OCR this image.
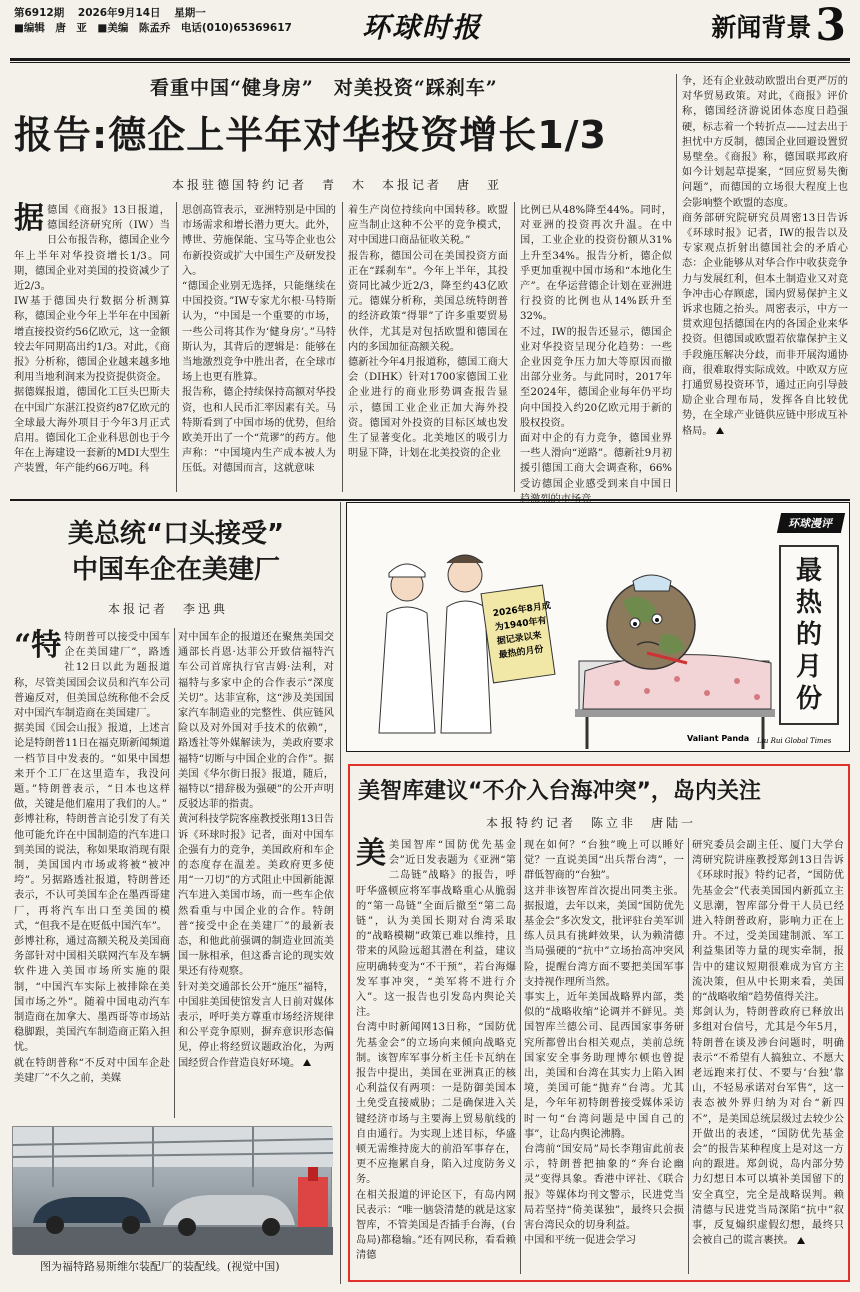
第6912期 2026年9月14日 星期一
■编辑　唐　亚　■美编　陈孟乔　电话(010)65369617	环球时报	新闻背景 3
看重中国“健身房”　对美投资“踩刹车”
报告:德企上半年对华投资增长1/3
本报驻德国特约记者　青　木　本报记者　唐　亚
据德国《商报》13日报道，德国经济研究所（IW）当日公布报告称，德国企业今年上半年对华投资增长1/3。同期，德国企业对美国的投资减少了近2/3。
IW基于德国央行数据分析测算称，德国企业今年上半年在中国新增直接投资约56亿欧元，这一金额较去年同期高出约1/3。对此，《商报》分析称，德国企业越来越多地利用当地利润来为投资提供资金。
据德媒报道，德国化工巨头巴斯夫在中国广东湛江投资约87亿欧元的全球最大海外项目于今年3月正式启用。德国化工企业科思创也于今年在上海建设一套新的MDI大型生产装置，年产能约66万吨。科
思创高管表示，亚洲特别是中国的市场需求和增长潜力更大。此外，博世、劳施保能、宝马等企业也公布新投资或扩大中国生产及研发投入。
“德国企业别无选择，只能继续在中国投资。”IW专家尤尔根·马特斯认为，“中国是一个重要的市场，一些公司将其作为‘健身房’。”马特斯认为，其背后的逻辑是：能够在当地激烈竞争中胜出者，在全球市场上也更有胜算。
报告称，德企持续保持高额对华投资，也和人民币汇率因素有关。马特斯看到了中国市场的优势，但给欧美开出了一个“荒谬”的药方。他声称：“中国境内生产成本被人为压低。对德国而言，这就意味
着生产岗位持续向中国转移。欧盟应当制止这种不公平的竞争模式，对中国进口商品征收关税。”
报告称，德国公司在美国投资方面正在“踩刹车”。今年上半年，其投资同比减少近2/3，降至约43亿欧元。德媒分析称，美国总统特朗普的经济政策“得罪”了许多重要贸易伙伴，尤其是对包括欧盟和德国在内的多国加征高额关税。
德新社今年4月报道称，德国工商大会（DIHK）针对1700家德国工业企业进行的商业形势调查报告显示，德国工业企业正加大海外投资。德国对外投资的目标区域也发生了显著变化。北美地区的吸引力明显下降，计划在北美投资的企业
比例已从48%降至44%。同时，对亚洲的投资再次升温。在中国，工业企业的投资份额从31%上升至34%。报告分析，德企似乎更加重视中国市场和“本地化生产”。在华运营德企计划在亚洲进行投资的比例也从14%跃升至32%。
不过，IW的报告还显示，德国企业对华投资呈现分化趋势：一些企业因竞争压力加大等原因而撤出部分业务。与此同时，2017年至2024年，德国企业每年仍平均向中国投入约20亿欧元用于新的股权投资。
面对中企的有力竞争，德国业界一些人滑向“逆路”。德新社9月初援引德国工商大会调查称，66%受访德国企业感受到来自中国日
争，还有企业鼓动欧盟出台更严厉的对华贸易政策。对此，《商报》评价称，德国经济游说团体态度日趋强硬，标志着一个转折点——过去出于担忧中方反制，德国企业回避设置贸易壁垒。《商报》称，德国联邦政府如今计划起草提案，“回应贸易失衡问题”，而德国的立场很大程度上也会影响整个欧盟的态度。
商务部研究院研究员周密13日告诉《环球时报》记者，IW的报告以及专家观点折射出德国社会的矛盾心态：企业能够从对华合作中收获竞争力与发展红利，但本土制造业又对竞争冲击心存顾虑，国内贸易保护主义诉求也随之抬头。周密表示，中方一贯欢迎包括德国在内的各国企业来华投资。但德国或欧盟若依靠保护主义手段施压解决分歧，而非开展沟通协商，很难取得实际成效。中欧双方应打通贸易投资环节，通过正向引导鼓励企业合理布局，发挥各自比较优势，在全球产业链供应链中形成互补格局。
美总统“口头接受”
中国车企在美建厂
本报记者　李迅典
“特特朗普可以接受中国车企在美国建厂”，路透社12日以此为题报道称，尽管美国国会议员和汽车公司普遍反对，但美国总统称他不会反对中国汽车制造商在美国建厂。
据美国《国会山报》报道，上述言论是特朗普11日在福克斯新闻频道一档节目中发表的。“如果中国想来开个工厂在这里造车，我没问题。”特朗普表示，“日本也这样做，关键是他们雇用了我们的人。”
彭博社称，特朗普言论引发了有关他可能允许在中国制造的汽车进口到美国的说法，称如果取消现有限制，美国国内市场或将被“被冲垮”。另据路透社报道，特朗普还表示，不认可美国车企在墨西哥建厂，再将汽车出口至美国的模式，“但我不是在贬低中国汽车”。
彭博社称，通过高额关税及美国商务部针对中国相关联网汽车及车辆软件进入美国市场所实施的限制，“中国汽车实际上被排除在美国市场之外”。随着中国电动汽车制造商在加拿大、墨西哥等市场站稳脚跟，美国汽车制造商正陷入担忧。
就在特朗普称“不反对中国车企赴美建厂”不久之前，美媒
对中国车企的报道还在聚焦美国交通部长肖恩·达菲公开致信福特汽车公司首席执行官吉姆·法利，对福特与多家中企的合作表示“深度关切”。达菲宣称，这“涉及美国国家汽车制造业的完整性、供应链风险以及对外国对手技术的依赖”，路透社等外媒解读为，美政府要求福特“切断与中国企业的合作”。据美国《华尔街日报》报道，随后，福特以“措辞极为强硬”的公开声明反驳达菲的指责。
黄河科技学院客座教授张翔13日告诉《环球时报》记者，面对中国车企强有力的竞争，美国政府和车企的态度存在温差。美政府更多使用“一刀切”的方式阻止中国新能源汽车进入美国市场，而一些车企依然看重与中国企业的合作。特朗普“接受中企在美建厂”的最新表态，和他此前强调的制造业回流美国一脉相承，但这番言论的现实效果还有待观察。
针对美交通部长公开“施压”福特，中国驻美国使馆发言人日前对媒体表示，呼吁美方尊重市场经济规律和公平竞争原则，摒弃意识形态偏见，停止将经贸议题政治化，为两国经贸合作营造良好环境。
图为福特路易斯维尔装配厂的装配线。(视觉中国)
2026年8月成
为1940年有
据记录以来
最热的月份
Valiant Panda Liu Rui Global Times
环球漫评
最
热
的
月
份
美智库建议“不介入台海冲突”，岛内关注
本报特约记者　陈立非　唐陆一
美美国智库“国防优先基金会”近日发表题为《亚洲“第二岛链”战略》的报告，呼吁华盛顿应将军事战略重心从脆弱的“第一岛链”全面后撤至“第二岛链”，认为美国长期对台湾采取的“战略模糊”政策已难以维持，且带来的风险远超其潜在利益，建议应明确转变为“不干预”，若台海爆发军事冲突，“美军将不进行介入”。这一报告也引发岛内舆论关注。
台湾中时新闻网13日称，“国防优先基金会”的立场向来倾向战略克制。该智库军事分析主任卡瓦纳在报告中提出，美国在亚洲真正的核心利益仅有两项：一是防御美国本土免受直接威胁；二是确保进入关键经济市场与主要海上贸易航线的自由通行。为实现上述目标，华盛顿无需维持庞大的前沿军事存在，更不应拖累自身，陷入过度防务义务。
在相关报道的评论区下，有岛内网民表示：“唯一脑袋清楚的就是这家智库，不管美国是否插手台海，(台岛局)都稳输。”还有网民称，看看赖清德
现在如何？“台独”晚上可以睡好觉？一直说美国“出兵帮台湾”，一群低智商的“台独”。
这并非该智库首次提出同类主张。据报道，去年以来，美国“国防优先基金会”多次发文，批评驻台美军训练人员具有挑衅效果，认为赖清德当局强硬的“抗中”立场抬高冲突风险，提醒台湾方面不要把美国军事支持视作理所当然。
事实上，近年美国战略界内部，类似的“战略收缩”论调并不鲜见。美国智库兰德公司、昆西国家事务研究所都曾出台相关观点，美前总统国家安全事务助理博尔顿也曾提出，美国和台湾在其实力上陷入困境，美国可能“抛弃”台湾。尤其是，今年年初特朗普接受媒体采访时一句“台湾问题是中国自己的事”，让岛内舆论沸腾。
台湾前“国安局”局长李翔宙此前表示，特朗普把抽象的“奔台论幽灵”变得具象。香港中评社、《联合报》等媒体均刊文警示，民进党当局若坚持“倚美谋独”，最终只会损害台湾民众的切身利益。
中国和平统一促进会学习
研究委员会副主任、厦门大学台湾研究院讲座教授郑剑13日告诉《环球时报》特约记者，“国防优先基金会”代表美国国内新孤立主义思潮，智库部分骨干人员已经进入特朗普政府，影响力正在上升。不过，受美国建制派、军工利益集团等力量的现实牵制，报告中的建议短期很难成为官方主流决策，但从中长期来看，美国的“战略收缩”趋势值得关注。
郑剑认为，特朗普政府已释放出多组对台信号，尤其是今年5月，特朗普在谈及涉台问题时，明确表示“不希望有人搞独立、不愿大老远跑来打仗、不要与‘台独’靠山，不轻易承诺对台军售”，这一表态被外界归纳为对台“新四不”，是美国总统层级过去较少公开做出的表述，“国防优先基金会”的报告某种程度上是对这一方向的跟进。郑剑说，岛内部分势力幻想日本可以填补美国留下的安全真空，完全是战略误判。赖清德与民进党当局深陷“抗中”叙事，反复煽织虚假幻想，最终只会被自己的谎言裹挟。
